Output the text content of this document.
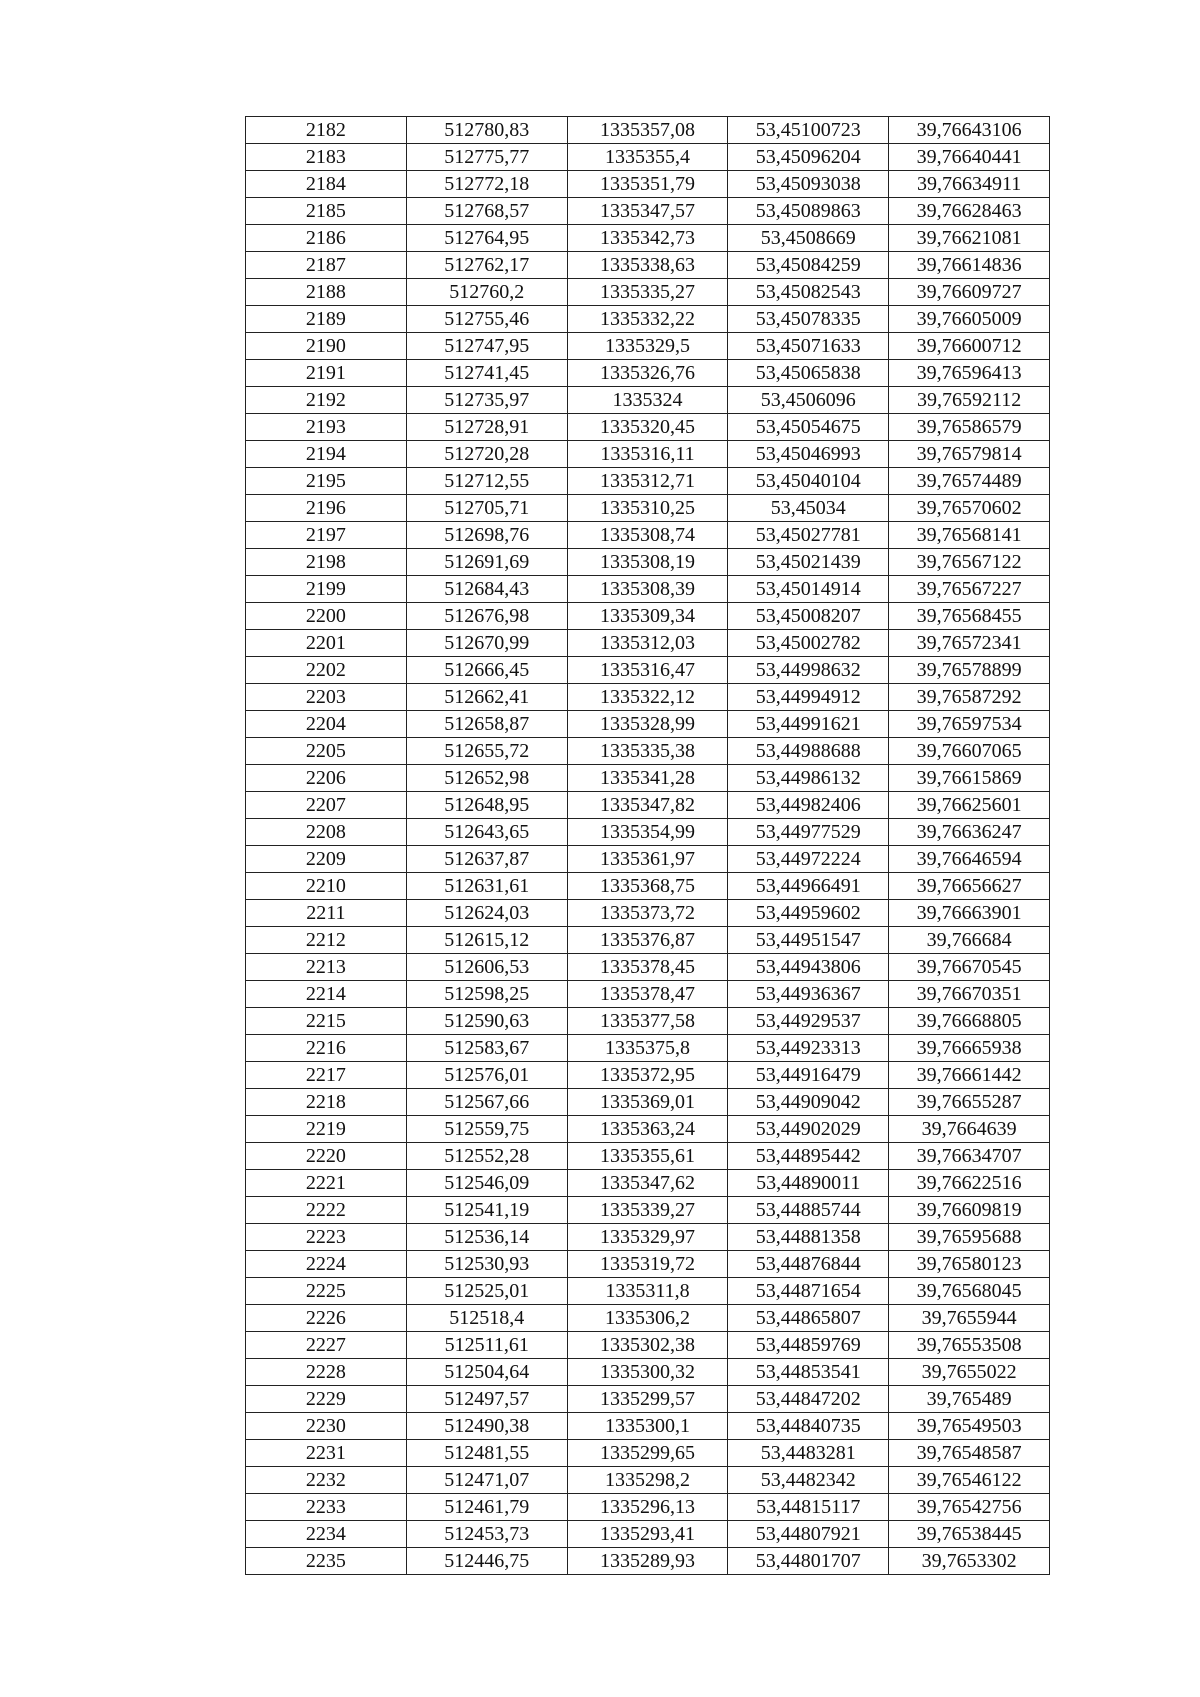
2182	512780,83	1335357,08	53,45100723	39,76643106
2183	512775,77	1335355,4	53,45096204	39,76640441
2184	512772,18	1335351,79	53,45093038	39,76634911
2185	512768,57	1335347,57	53,45089863	39,76628463
2186	512764,95	1335342,73	53,4508669	39,76621081
2187	512762,17	1335338,63	53,45084259	39,76614836
2188	512760,2	1335335,27	53,45082543	39,76609727
2189	512755,46	1335332,22	53,45078335	39,76605009
2190	512747,95	1335329,5	53,45071633	39,76600712
2191	512741,45	1335326,76	53,45065838	39,76596413
2192	512735,97	1335324	53,4506096	39,76592112
2193	512728,91	1335320,45	53,45054675	39,76586579
2194	512720,28	1335316,11	53,45046993	39,76579814
2195	512712,55	1335312,71	53,45040104	39,76574489
2196	512705,71	1335310,25	53,45034	39,76570602
2197	512698,76	1335308,74	53,45027781	39,76568141
2198	512691,69	1335308,19	53,45021439	39,76567122
2199	512684,43	1335308,39	53,45014914	39,76567227
2200	512676,98	1335309,34	53,45008207	39,76568455
2201	512670,99	1335312,03	53,45002782	39,76572341
2202	512666,45	1335316,47	53,44998632	39,76578899
2203	512662,41	1335322,12	53,44994912	39,76587292
2204	512658,87	1335328,99	53,44991621	39,76597534
2205	512655,72	1335335,38	53,44988688	39,76607065
2206	512652,98	1335341,28	53,44986132	39,76615869
2207	512648,95	1335347,82	53,44982406	39,76625601
2208	512643,65	1335354,99	53,44977529	39,76636247
2209	512637,87	1335361,97	53,44972224	39,76646594
2210	512631,61	1335368,75	53,44966491	39,76656627
2211	512624,03	1335373,72	53,44959602	39,76663901
2212	512615,12	1335376,87	53,44951547	39,766684
2213	512606,53	1335378,45	53,44943806	39,76670545
2214	512598,25	1335378,47	53,44936367	39,76670351
2215	512590,63	1335377,58	53,44929537	39,76668805
2216	512583,67	1335375,8	53,44923313	39,76665938
2217	512576,01	1335372,95	53,44916479	39,76661442
2218	512567,66	1335369,01	53,44909042	39,76655287
2219	512559,75	1335363,24	53,44902029	39,7664639
2220	512552,28	1335355,61	53,44895442	39,76634707
2221	512546,09	1335347,62	53,44890011	39,76622516
2222	512541,19	1335339,27	53,44885744	39,76609819
2223	512536,14	1335329,97	53,44881358	39,76595688
2224	512530,93	1335319,72	53,44876844	39,76580123
2225	512525,01	1335311,8	53,44871654	39,76568045
2226	512518,4	1335306,2	53,44865807	39,7655944
2227	512511,61	1335302,38	53,44859769	39,76553508
2228	512504,64	1335300,32	53,44853541	39,7655022
2229	512497,57	1335299,57	53,44847202	39,765489
2230	512490,38	1335300,1	53,44840735	39,76549503
2231	512481,55	1335299,65	53,4483281	39,76548587
2232	512471,07	1335298,2	53,4482342	39,76546122
2233	512461,79	1335296,13	53,44815117	39,76542756
2234	512453,73	1335293,41	53,44807921	39,76538445
2235	512446,75	1335289,93	53,44801707	39,7653302
